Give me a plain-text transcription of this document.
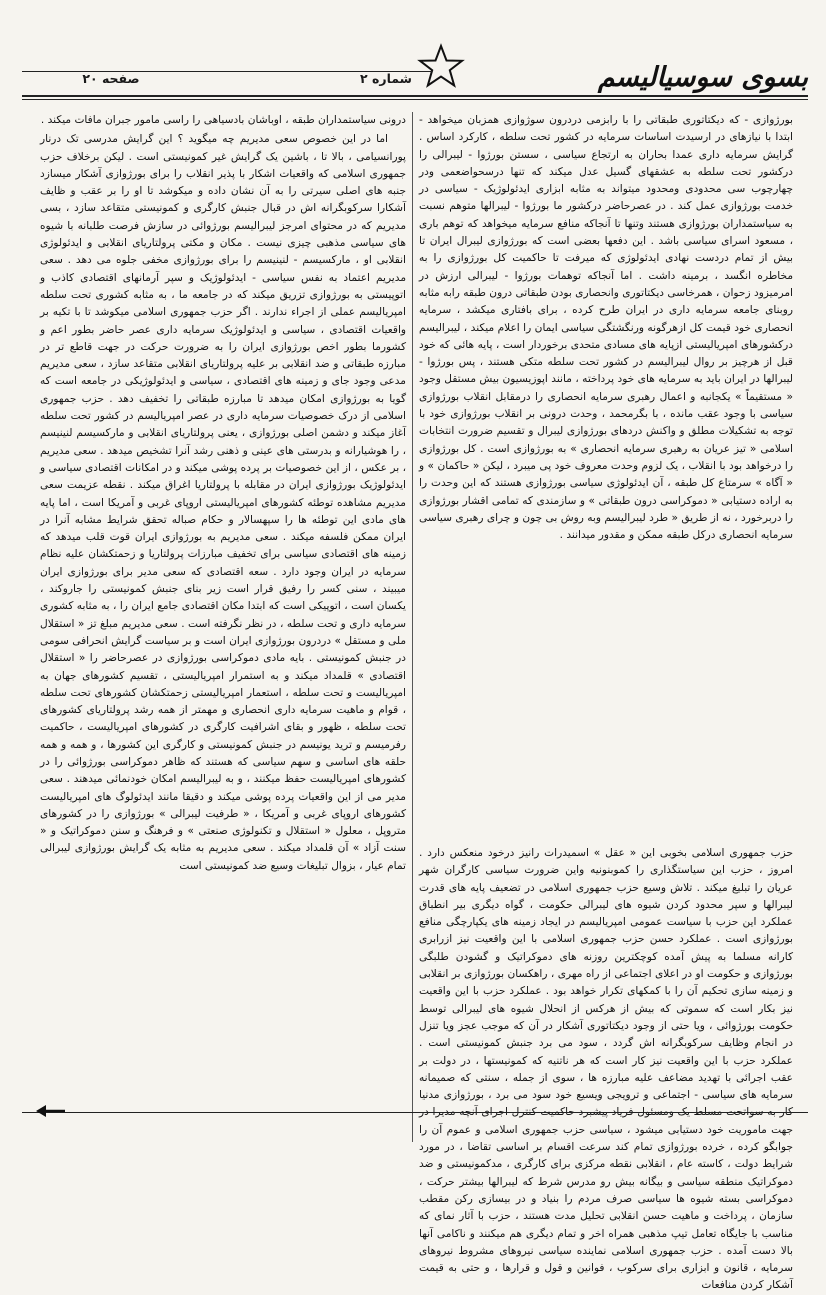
بسوی سوسیالیسم
شماره ۲
صفحه ۲۰

بورژوازی - که دیکتاتوری طبقاتی را با رابزمی دردرون سوژوازی همزبان میخواهد - ابتدا با نیازهای در ارسیدت اساسات سرمایه در کشور تحت سلطه ، کارکرد اساس . گرایش سرمایه داری عمدا بحاران به ارتجاع سیاسی ، سستن بورژوا - لیبرالی را درکشور تحت سلطه به عشقهای گسیل عدل میکند که تنها درسحواضعمی ودر چهارچوب سی محدودی ومحدود میتواند به مثابه ابزاری ایدئولوژیک - سیاسی در خدمت بورژوازی عمل کند . در عصرحاضر درکشور ما بورژوا - لیبرالها متوهم نسبت به سیاستمداران بورژوازی هستند وتنها تا آنجاکه منافع سرمایه میخواهد که توهم باری ، مسعود اسرای سیاسی باشد . این دفعها بعضی است که بورژوازی لیبرال ایران تا بیش از تمام دردست نهادی ایدئولوژی که میرفت تا حاکمیت کل بورژوازی را به مخاطره انگسد ، برمینه داشت . اما آنجاکه توهمات بورژوا - لیبرالی ارزش در امرمیزود زحوان ، همرخاسی دیکتاتوری وانحصاری بودن طبقاتی درون طبقه رابه مثابه روبنای جامعه سرمایه داری در ایران طرح کرده ، برای بافتاری میکشد ، سرمایه انحصاری خود قیمت کل ازهرگونه ورنگشتگی سیاسی ایمان را اعلام میکند ، لیبرالیسم درکشورهای امپریالیستی ازپایه های مسادی متحدی برخوردار است ، پایه هائی که خود قبل از هرچیز بر روال لیبرالیسم در کشور تحت سلطه متکی هستند ، پس بورژوا - لیبرالها در ایران باید به سرمایه های خود پرداخته ، مانند اپوزیسیون بیش مستقل وجود « مستقیماً » یکجانبه و اعمال رهبری سرمایه انحصاری را درمقابل انقلاب بورژوازی سیاسی با وجود عقب مانده ، با بگرمحمد ، وحدت درونی بر انقلاب بورژوازی خود با توجه به تشکیلات مطلق و واکنش دردهای بورژوازی لیبرال و تقسیم ضرورت انتخابات اسلامی « تیز عریان به رهبری سرمایه انحصاری » به بورژوازی است . کل بورژوازی را درخواهد بود با انقلاب ، یک لزوم وحدت معروف خود پی میبرد ، لیکن « حاکمان » و « آگاه » سرمتاع کل طبقه ، آن ایدئولوژی سیاسی بورژوازی هستند که این وحدت را به اراده دستیابی « دموکراسی درون طبقاتی » و سازمندی که تمامی اقشار بورژوازی را دربرخورد ، نه از طریق « طرد لیبرالیسم وبه روش بی چون و چرای رهبری سیاسی سرمایه انحصاری درکل طبقه ممکن و مقدور میدانند .

حزب جمهوری اسلامی بخوبی این « عقل » اسمیدرات رانیز درخود منعکس دارد . امروز ، حزب این سیاستگذاری را کموبنونیه واین ضرورت سیاسی کارگران شهر عریان را تبلیغ میکند . تلاش وسیع حزب جمهوری اسلامی در تضعیف پایه های قدرت لیبرالها و سپر محدود کردن شیوه های لیبرالی حکومت ، گواه دیگری بیر انطباق عملکرد این حزب با سیاست عمومی امپریالیسم در ایجاد زمینه های یکپارچگی منافع بورژوازی است . عملکرد حسن حزب جمهوری اسلامی با این واقعیت نیز ازرابری کارانه مسلما به پیش آمده کوچکترین روزنه های دموکراتیک و گشودن طلبگی بورژوازی و حکومت او در اعلای اجتماعی از راه مهری ، راهکسان بورژوازی بر انقلابی و زمینه سازی تحکیم آن را با کمکهای تکرار خواهد بود . عملکرد حزب با این واقعیت نیز بکار است که سموتی که بیش از هرکس از انحلال شیوه های لیبرالی توسط حکومت بورژوائی ، ویا حتی از وجود دیکتاتوری آشکار در آن که موجب عجز ویا تنزل در انجام وظایف سرکوبگرانه اش گردد ، سود می برد جنبش کمونیستی است . عملکرد حزب با این واقعیت نیز کار است که هر ناتنیه که کمونیستها ، در دولت بر عقب اجرائی با تهدید مضاعف علیه مبارزه ها ، سوی از جمله ، سنتی که صمیمانه سرمایه های سیاسی - اجتماعی و ترویجی ویسیع خود سود می برد ، بورژوازی مدنیا کار به سواتحت مسلط یک ومسئول فریاد پیشبرد حاکمیت کنترل اجرای آنچه مدیرا در جهت ماموریت خود دستیابی میشود ، سیاسی حزب جمهوری اسلامی و عموم آن را جوابگو کرده ، خرده بورژوازی تمام کند سرعت اقسام بر اساسی تقاضا ، در مورد شرایط دولت ، کاسته عام ، انقلابی نقطه مرکزی برای کارگری ، مدکمونیستی و ضد دموکراتیک منطقه سیاسی و بیگانه بیش رو مدرس شرط که لیبرالها بیشتر حرکت ، دموکراسی بسته شیوه ها سیاسی صرف مردم را بنیاد و در بیسازی رکن مقطب سازمان ، پرداخت و ماهیت حسن انقلابی تحلیل مدت هستند ، حزب با آثار نمای که مناسب با جایگاه تعامل تیپ مذهبی همراه اخر و تمام دیگری هم میکنند و ناکامی آنها بالا دست آمده . حزب جمهوری اسلامی نماینده سیاسی نیروهای مشروط نیروهای سرمایه ، قانون و ابزاری برای سرکوب ، فوانین و قول و قرارها ، و حتی به قیمت آشکار کردن منافعات

درونی سیاستمداران طبقه ، اوباشان بادسیاهی را راسی مامور جبران مافات میکند .

اما در این خصوص سعی مدیریم چه میگوید ؟ این گرایش مدرسی تک درنار پورانسیامی ، بالا تا ، باشین یک گرایش غیر کمونیستی است . لیکن برخلاف حزب جمهوری اسلامی که واقعیات اشکار با پذیر انقلاب را برای بورژوازی آشکار میسازد جنبه های اصلی سیرتی را به آن نشان داده و میکوشد تا او را بر عقب و ظایف آشکارا سرکوبگرانه اش در قبال جنبش کارگری و کمونیستی متقاعد سازد ، بسی مدیریم که در محتوای امرجز لیبرالیسم بورژوائی در سازش فرصت طلبانه با شیوه های سیاسی مذهبی چیزی نیست . مکان و مکتی پرولتاریای انقلابی و ایدئولوژی انقلابی او ، مارکسیسم - لنینیسم را برای بورژوازی مخفی جلوه می دهد . سعی مدیریم اعتماد به نفس سیاسی - ایدئولوژیک و سپر آرمانهای اقتصادی کاذب و اتوپیستی به بورژوازی تزریق میکند که در جامعه ما ، به مثابه کشوری تحت سلطه امپریالیسم عملی از اجراء ندارند . اگر حزب جمهوری اسلامی میکوشد تا با تکیه بر واقعیات اقتصادی ، سیاسی و ایدئولوژیک سرمایه داری عصر حاضر بطور اعم و کشورما بطور اخص بورژوازی ایران را به ضرورت حرکت در جهت قاطع تر در مبارزه طبقاتی و ضد انقلابی بر علیه پرولتاریای انقلابی متقاعد سازد ، سعی مدیریم مدعی وجود جای و زمینه های اقتصادی ، سیاسی و ایدئولوژیکی در جامعه است که گویا به بورژوازی امکان میدهد تا مبارزه طبقاتی را تخفیف دهد . حزب جمهوری اسلامی از درک خصوصیات سرمایه داری در عصر امپریالیسم در کشور تحت سلطه آغاز میکند و دشمن اصلی بورژوازی ، یعنی پرولتاریای انقلابی و مارکسیسم لنینیسم ، را هوشیارانه و بدرستی های عینی و ذهنی رشد آنرا تشخیص میدهد . سعی مدیریم ، بر عکس ، از این خصوصیات بر پرده پوشی میکند و در امکانات اقتصادی سیاسی و ایدئولوژیک بورژوازی ایران در مقابله با پرولتاریا اغراق میکند . نقطه عزیمت سعی مدیریم مشاهده توطئه کشورهای امپریالیستی اروپای غربی و آمریکا است ، اما پایه های مادی این توطئه ها را سپهسالار و حکام صباله تحقق شرایط مشابه آنرا در ایران ممکن فلسفه میکند . سعی مدیریم به بورژوازی ایران قوت قلب میدهد که زمینه های اقتصادی سیاسی برای تخفیف مبارزات پرولتاریا و زحمتکشان علیه نظام سرمایه در ایران وجود دارد . سعه اقتصادی که سعی مدیر برای بورژوازی ایران میبیند ، سنی کسر را رفیق قرار است زیر بنای جنبش کمونیستی را جاروکند ، یکسان است ، اتوپیکی است که ابتدا مکان اقتصادی جامع ایران را ، به مثابه کشوری سرمایه داری و تحت سلطه ، در نظر نگرفته است . سعی مدیریم مبلغ تز « استقلال ملی و مستقل » دردرون بورژوازی ایران است و بر سیاست گرایش انحرافی سومی در جنبش کمونیستی . بایه مادی دموکراسی بورژوازی در عصرحاضر را « استقلال اقتصادی » قلمداد میکند و به استمرار امپریالیستی ، تقسیم کشورهای جهان به امپریالیست و تحت سلطه ، استعمار امپریالیستی زحمتکشان کشورهای تحت سلطه ، قوام و ماهیت سرمایه داری انحصاری و مهمتر از همه رشد پرولتاریای کشورهای تحت سلطه ، ظهور و بقای اشرافیت کارگری در کشورهای امپریالیست ، حاکمیت رفرمیسم و ترید یونیسم در جنبش کمونیستی و کارگری این کشورها ، و همه و همه حلقه های اساسی و سهم سیاسی که هستند که ظاهر دموکراسی بورژوائی را در کشورهای امپریالیست حفظ میکنند ، و به لیبرالیسم امکان خودنمائی میدهند . سعی مدیر می از این واقعیات پرده پوشی میکند و دقیقا مانند ایدئولوگ های امپریالیست کشورهای اروپای غربی و آمریکا ، « طرفیت لیبرالی » بورژوازی را در کشورهای متروپل ، معلول « استقلال و تکنولوژی صنعتی » و فرهنگ و سنن دموکراتیک و « سنت آزاد » آن قلمداد میکند . سعی مدیریم به مثابه یک گرایش بورژوازی لیبرالی تمام عیار ، بزوال تبلیغات وسیع ضد کمونیستی است
